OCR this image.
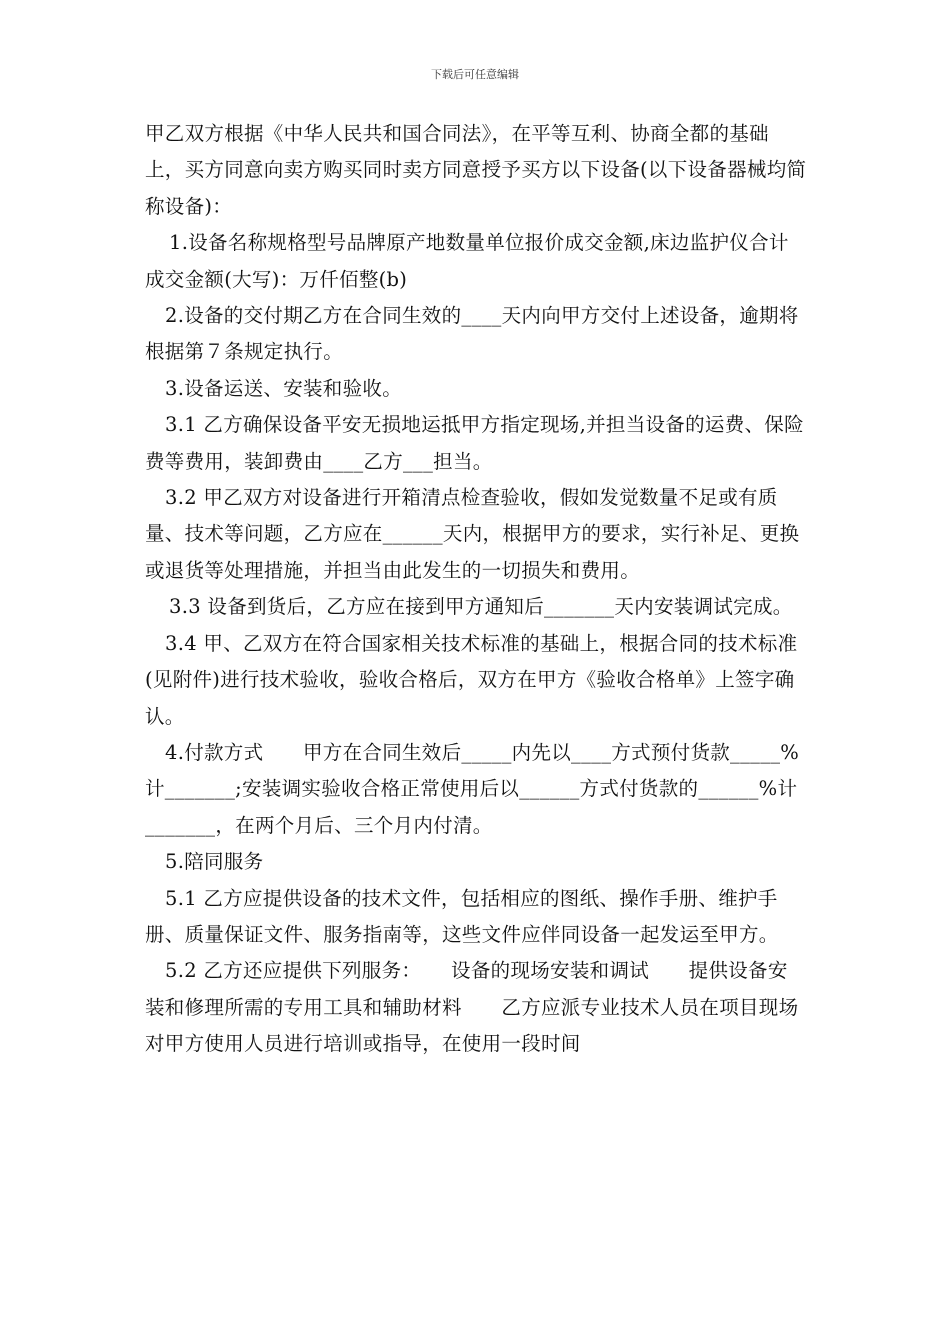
下载后可任意编辑

甲乙双方根据《中华人民共和国合同法》，在平等互利、协商全都的基础上，买方同意向卖方购买同时卖方同意授予买方以下设备(以下设备器械均简称设备)：

1.设备名称规格型号品牌原产地数量单位报价成交金额,床边监护仪合计成交金额(大写)：万仟佰整(b)

2.设备的交付期乙方在合同生效的____天内向甲方交付上述设备，逾期将根据第７条规定执行。

3.设备运送、安装和验收。

3.1 乙方确保设备平安无损地运抵甲方指定现场,并担当设备的运费、保险费等费用，装卸费由____乙方___担当。

3.2 甲乙双方对设备进行开箱清点检查验收，假如发觉数量不足或有质量、技术等问题，乙方应在______天内，根据甲方的要求，实行补足、更换或退货等处理措施，并担当由此发生的一切损失和费用。

3.3 设备到货后，乙方应在接到甲方通知后_______天内安装调试完成。

3.4 甲、乙双方在符合国家相关技术标准的基础上，根据合同的技术标准(见附件)进行技术验收，验收合格后，双方在甲方《验收合格单》上签字确认。

4.付款方式　　甲方在合同生效后_____内先以____方式预付货款_____%计_______;安装调实验收合格正常使用后以______方式付货款的______%计_______，在两个月后、三个月内付清。

5.陪同服务

5.1 乙方应提供设备的技术文件，包括相应的图纸、操作手册、维护手册、质量保证文件、服务指南等，这些文件应伴同设备一起发运至甲方。

5.2 乙方还应提供下列服务：　　设备的现场安装和调试　　提供设备安装和修理所需的专用工具和辅助材料　　乙方应派专业技术人员在项目现场对甲方使用人员进行培训或指导，在使用一段时间
